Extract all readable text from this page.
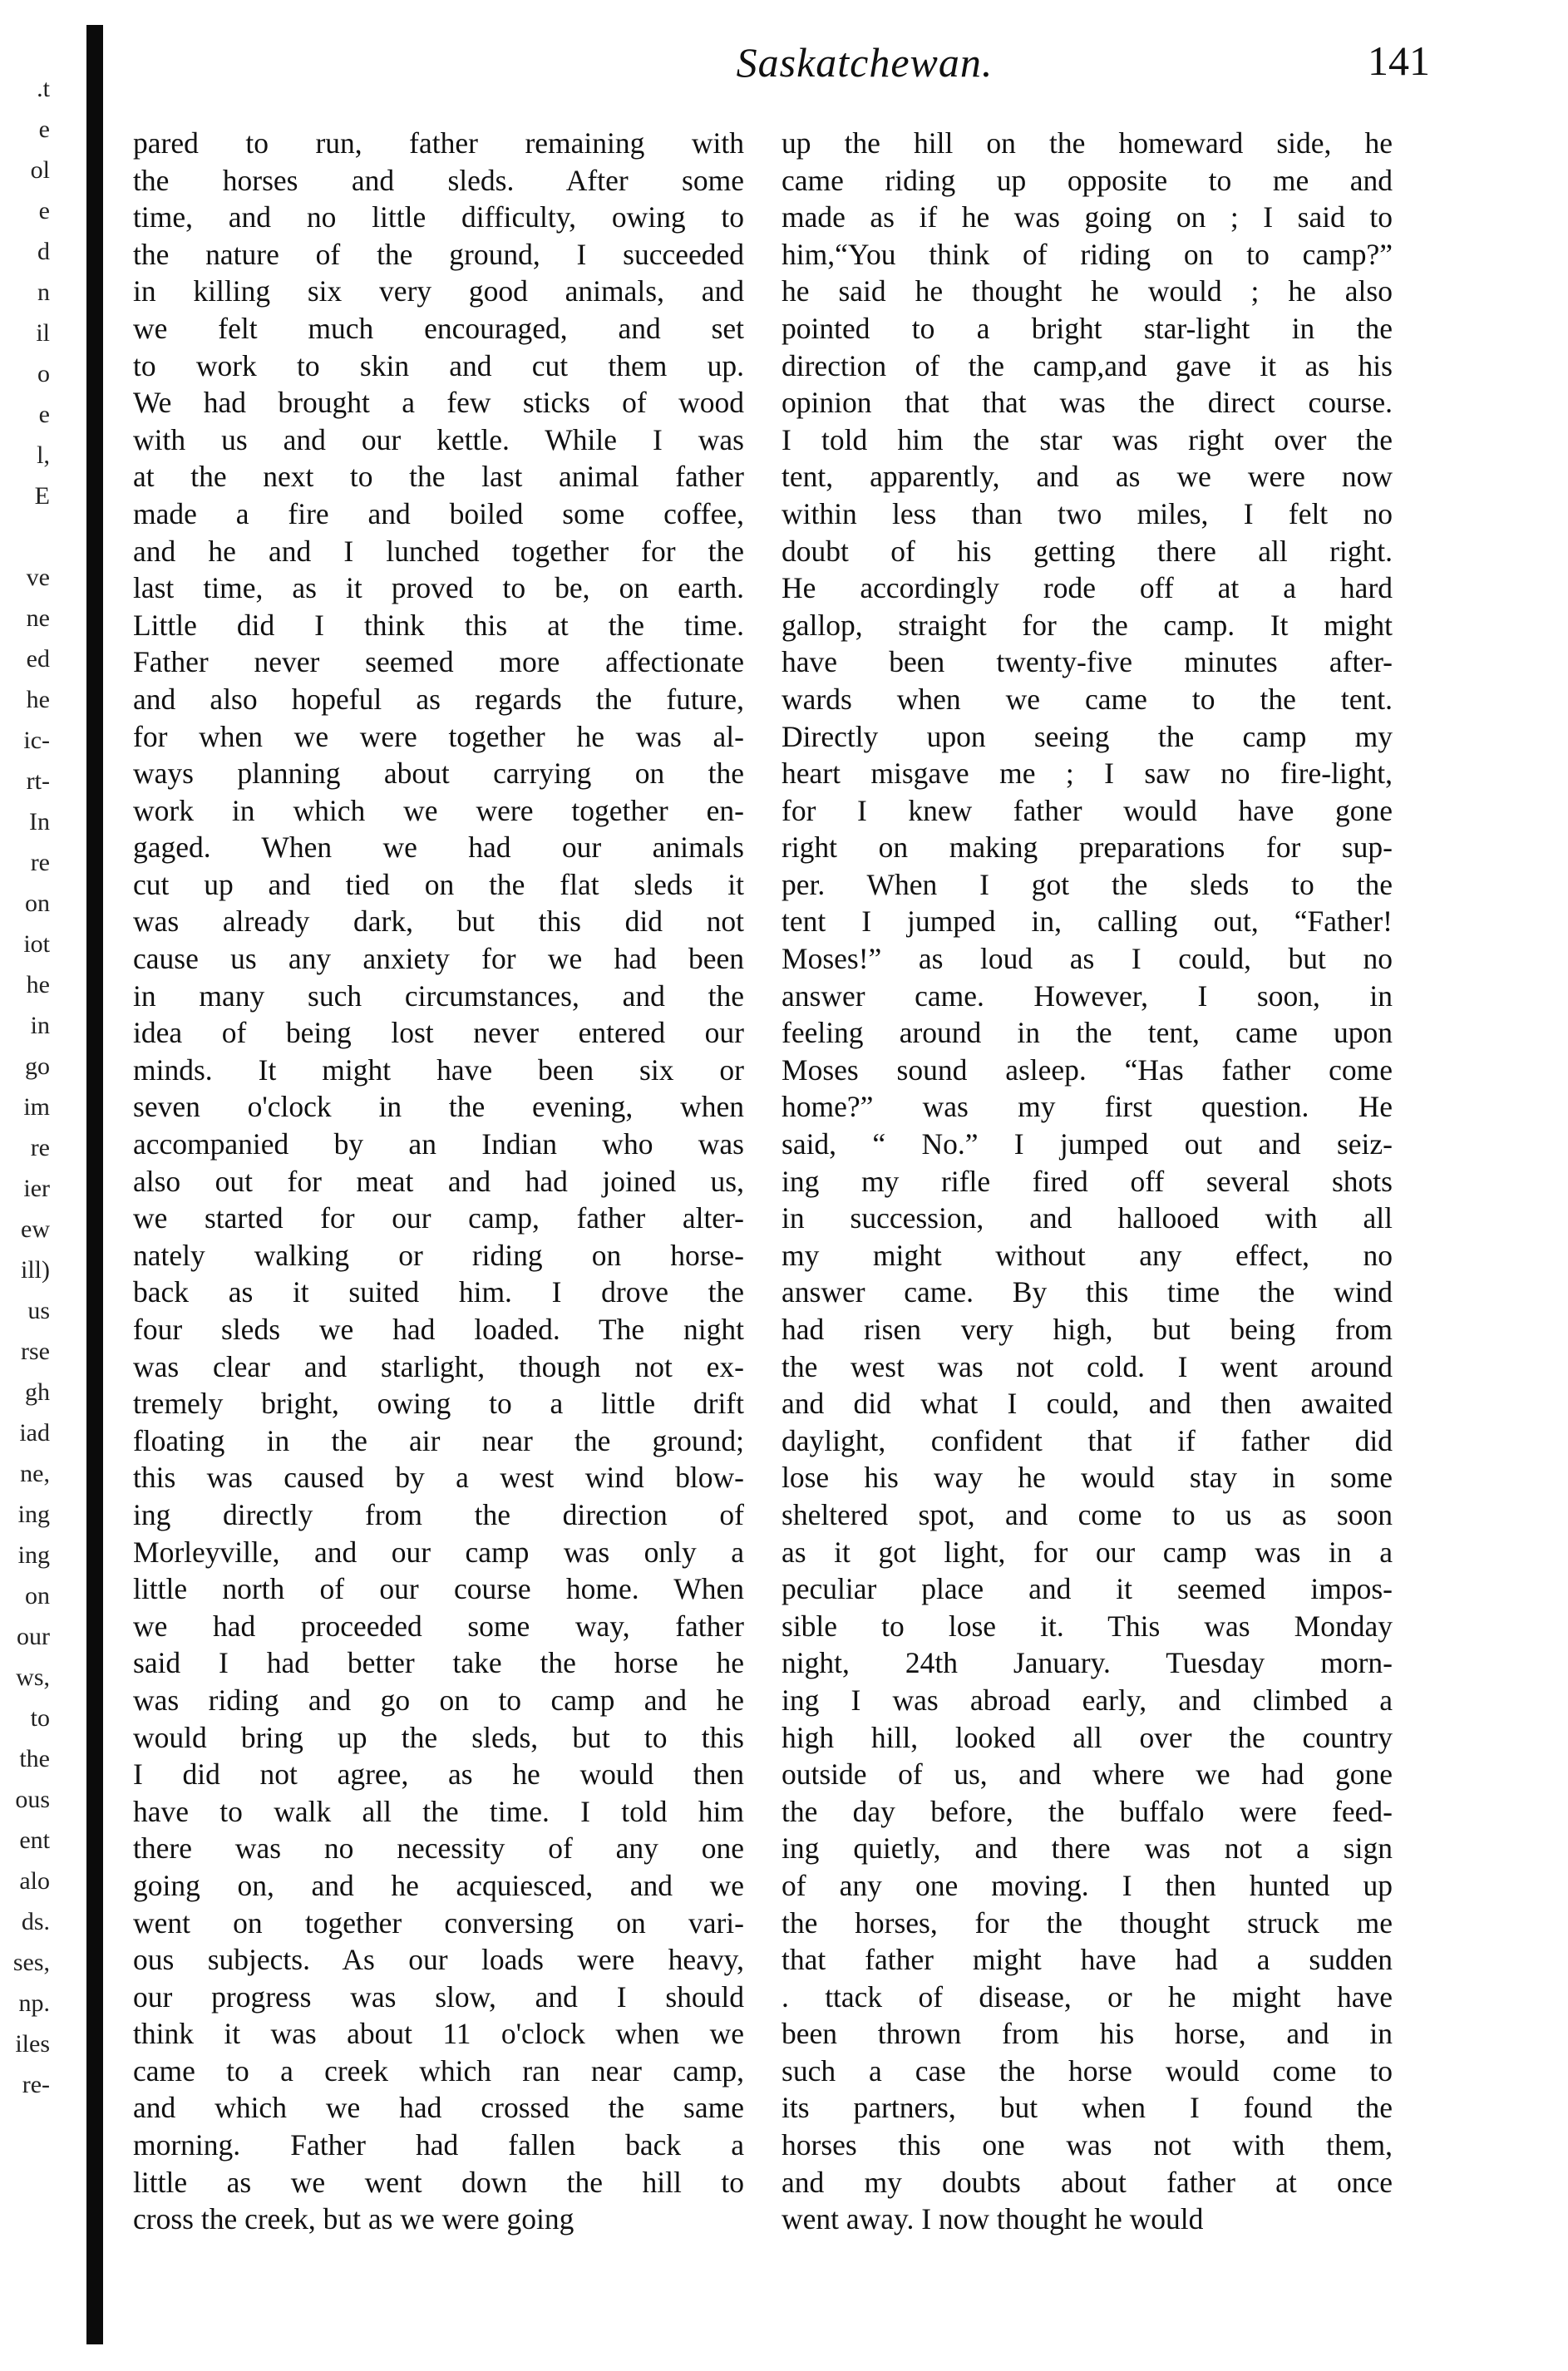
.t
e
ol
e
d
n
il
o
e
l,
E
ve
ne
ed
he
ic-
rt-
In
re
on
iot
he
in
go
im
re
ier
ew
ill)
us
rse
gh
iad
ne,
ing
ing
on
our
ws,
to
the
ous
ent
alo
ds.
ses,
np.
iles
re-
Saskatchewan.	141
pared to run, father remaining with
the horses and sleds. After some
time, and no little difficulty, owing to
the nature of the ground, I succeeded
in killing six very good animals, and
we felt much encouraged, and set
to work to skin and cut them up.
We had brought a few sticks of wood
with us and our kettle. While I was
at the next to the last animal father
made a fire and boiled some coffee,
and he and I lunched together for the
last time, as it proved to be, on earth.
Little did I think this at the time.
Father never seemed more affectionate
and also hopeful as regards the future,
for when we were together he was al-
ways planning about carrying on the
work in which we were together en-
gaged. When we had our animals
cut up and tied on the flat sleds it
was already dark, but this did not
cause us any anxiety for we had been
in many such circumstances, and the
idea of being lost never entered our
minds. It might have been six or
seven o'clock in the evening, when
accompanied by an Indian who was
also out for meat and had joined us,
we started for our camp, father alter-
nately walking or riding on horse-
back as it suited him. I drove the
four sleds we had loaded. The night
was clear and starlight, though not ex-
tremely bright, owing to a little drift
floating in the air near the ground;
this was caused by a west wind blow-
ing directly from the direction of
Morleyville, and our camp was only a
little north of our course home. When
we had proceeded some way, father
said I had better take the horse he
was riding and go on to camp and he
would bring up the sleds, but to this
I did not agree, as he would then
have to walk all the time. I told him
there was no necessity of any one
going on, and he acquiesced, and we
went on together conversing on vari-
ous subjects. As our loads were heavy,
our progress was slow, and I should
think it was about 11 o'clock when we
came to a creek which ran near camp,
and which we had crossed the same
morning. Father had fallen back a
little as we went down the hill to
cross the creek, but as we were going
up the hill on the homeward side, he
came riding up opposite to me and
made as if he was going on ; I said to
him,“You think of riding on to camp?”
he said he thought he would ; he also
pointed to a bright star-light in the
direction of the camp,and gave it as his
opinion that that was the direct course.
I told him the star was right over the
tent, apparently, and as we were now
within less than two miles, I felt no
doubt of his getting there all right.
He accordingly rode off at a hard
gallop, straight for the camp. It might
have been twenty-five minutes after-
wards when we came to the tent.
Directly upon seeing the camp my
heart misgave me ; I saw no fire-light,
for I knew father would have gone
right on making preparations for sup-
per. When I got the sleds to the
tent I jumped in, calling out, “Father!
Moses!” as loud as I could, but no
answer came. However, I soon, in
feeling around in the tent, came upon
Moses sound asleep. “Has father come
home?” was my first question. He
said, “ No.” I jumped out and seiz-
ing my rifle fired off several shots
in succession, and hallooed with all
my might without any effect, no
answer came. By this time the wind
had risen very high, but being from
the west was not cold. I went around
and did what I could, and then awaited
daylight, confident that if father did
lose his way he would stay in some
sheltered spot, and come to us as soon
as it got light, for our camp was in a
peculiar place and it seemed impos-
sible to lose it. This was Monday
night, 24th January. Tuesday morn-
ing I was abroad early, and climbed a
high hill, looked all over the country
outside of us, and where we had gone
the day before, the buffalo were feed-
ing quietly, and there was not a sign
of any one moving. I then hunted up
the horses, for the thought struck me
that father might have had a sudden
. ttack of disease, or he might have
been thrown from his horse, and in
such a case the horse would come to
its partners, but when I found the
horses this one was not with them,
and my doubts about father at once
went away. I now thought he would
